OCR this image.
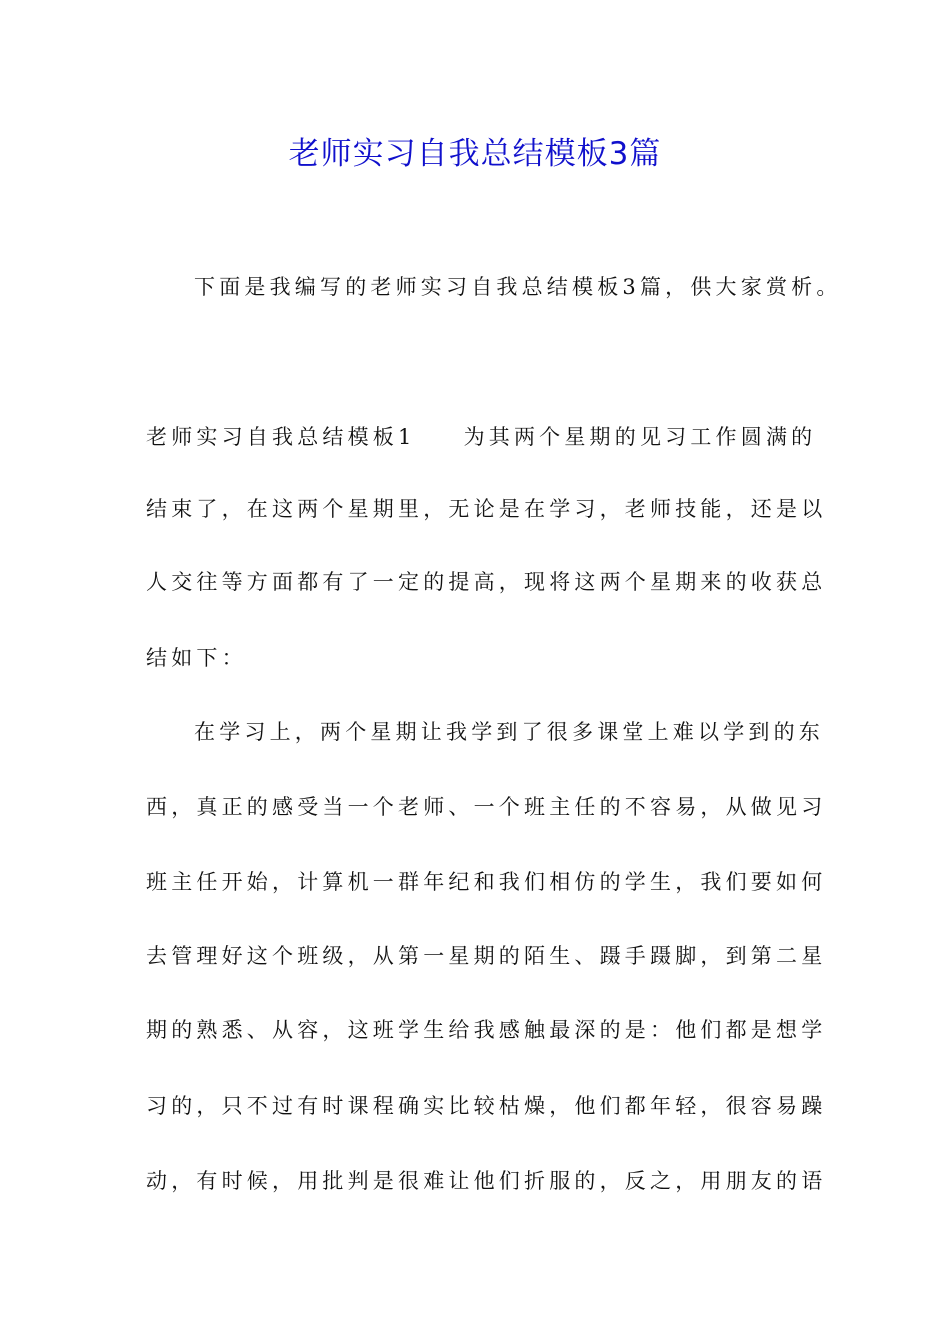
老师实习自我总结模板3篇
下面是我编写的老师实习自我总结模板3篇，供大家赏析。
老师实习自我总结模板1 为其两个星期的见习工作圆满的
结束了，在这两个星期里，无论是在学习，老师技能，还是以
人交往等方面都有了一定的提高，现将这两个星期来的收获总
结如下：
在学习上，两个星期让我学到了很多课堂上难以学到的东
西，真正的感受当一个老师、一个班主任的不容易，从做见习
班主任开始，计算机一群年纪和我们相仿的学生，我们要如何
去管理好这个班级，从第一星期的陌生、蹑手蹑脚，到第二星
期的熟悉、从容，这班学生给我感触最深的是：他们都是想学
习的，只不过有时课程确实比较枯燥，他们都年轻，很容易躁
动，有时候，用批判是很难让他们折服的，反之，用朋友的语
